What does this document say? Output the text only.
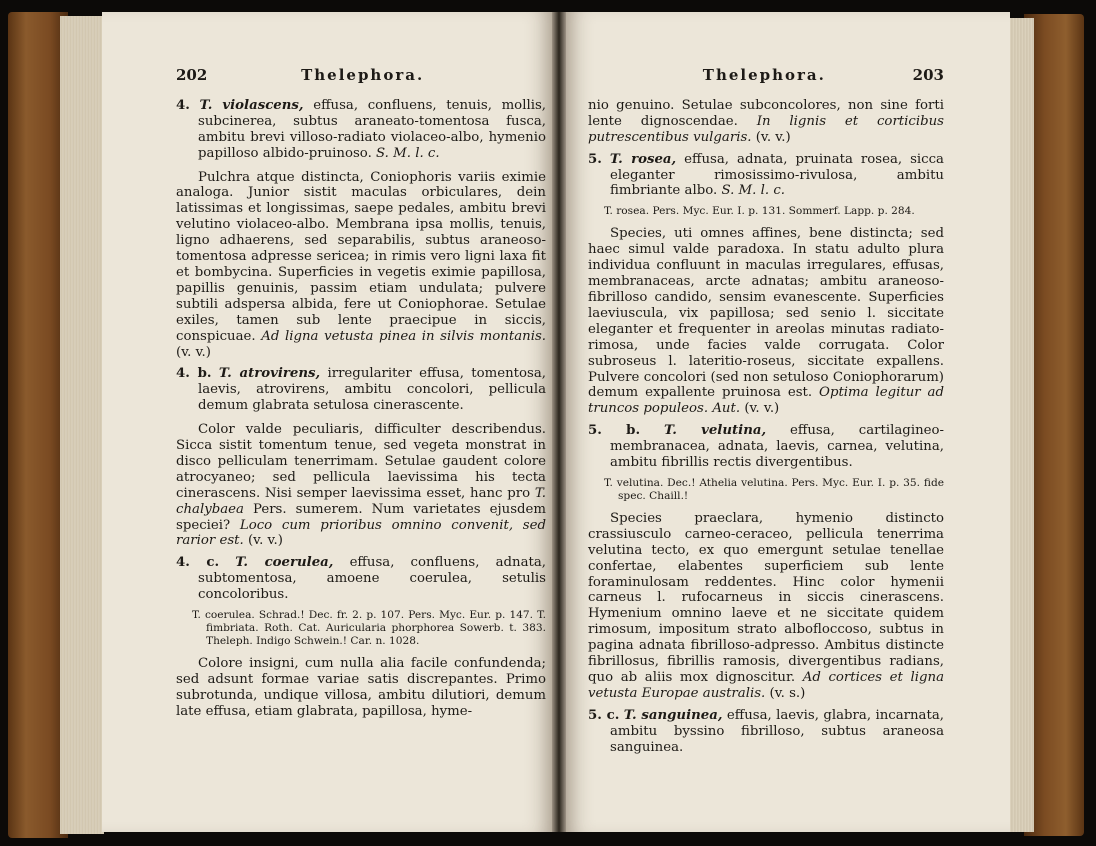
202	Thelephora.

4. T. violascens, effusa, confluens, tenuis, mollis, subcinerea, subtus araneato-tomentosa fusca, ambitu brevi villoso-radiato violaceo-albo, hymenio papilloso albido-pruinoso. S. M. l. c.

Pulchra atque distincta, Coniophoris variis eximie analoga. Junior sistit maculas orbiculares, dein latissimas et longissimas, saepe pedales, ambitu brevi velutino violaceo-albo. Membrana ipsa mollis, tenuis, ligno adhaerens, sed separabilis, subtus araneoso-tomentosa adpresse sericea; in rimis vero ligni laxa fit et bombycina. Superficies in vegetis eximie papillosa, papillis genuinis, passim etiam undulata; pulvere subtili adspersa albida, fere ut Coniophorae. Setulae exiles, tamen sub lente praecipue in siccis, conspicuae. Ad ligna vetusta pinea in silvis montanis. (v. v.)

4. b. T. atrovirens, irregulariter effusa, tomentosa, laevis, atrovirens, ambitu concolori, pellicula demum glabrata setulosa cinerascente.

Color valde peculiaris, difficulter describendus. Sicca sistit tomentum tenue, sed vegeta monstrat in disco pelliculam tenerrimam. Setulae gaudent colore atrocyaneo; sed pellicula laevissima his tecta cinerascens. Nisi semper laevissima esset, hanc pro T. chalybaea Pers. sumerem. Num varietates ejusdem speciei? Loco cum prioribus omnino convenit, sed rarior est. (v. v.)

4. c. T. coerulea, effusa, confluens, adnata, subtomentosa, amoene coerulea, setulis concoloribus.

T. coerulea. Schrad.! Dec. fr. 2. p. 107. Pers. Myc. Eur. p. 147. T. fimbriata. Roth. Cat. Auricularia phorphorea Sowerb. t. 383. Theleph. Indigo Schwein.! Car. n. 1028.

Colore insigni, cum nulla alia facile confundenda; sed adsunt formae variae satis discrepantes. Primo subrotunda, undique villosa, ambitu dilutiori, demum late effusa, etiam glabrata, papillosa, hyme-

Thelephora.	203

nio genuino. Setulae subconcolores, non sine forti lente dignoscendae. In lignis et corticibus putrescentibus vulgaris. (v. v.)

5. T. rosea, effusa, adnata, pruinata rosea, sicca eleganter rimosissimo-rivulosa, ambitu fimbriante albo. S. M. l. c.

T. rosea. Pers. Myc. Eur. I. p. 131. Sommerf. Lapp. p. 284.

Species, uti omnes affines, bene distincta; sed haec simul valde paradoxa. In statu adulto plura individua confluunt in maculas irregulares, effusas, membranaceas, arcte adnatas; ambitu araneoso-fibrilloso candido, sensim evanescente. Superficies laeviuscula, vix papillosa; sed senio l. siccitate eleganter et frequenter in areolas minutas radiato-rimosa, unde facies valde corrugata. Color subroseus l. lateritio-roseus, siccitate expallens. Pulvere concolori (sed non setuloso Coniophorarum) demum expallente pruinosa est. Optima legitur ad truncos populeos. Aut. (v. v.)

5. b. T. velutina, effusa, cartilagineo-membranacea, adnata, laevis, carnea, velutina, ambitu fibrillis rectis divergentibus.

T. velutina. Dec.! Athelia velutina. Pers. Myc. Eur. I. p. 35. fide spec. Chaill.!

Species praeclara, hymenio distincto crassiusculo carneo-ceraceo, pellicula tenerrima velutina tecto, ex quo emergunt setulae tenellae confertae, elabentes superficiem sub lente foraminulosam reddentes. Hinc color hymenii carneus l. rufocarneus in siccis cinerascens. Hymenium omnino laeve et ne siccitate quidem rimosum, impositum strato albofloccoso, subtus in pagina adnata fibrilloso-adpresso. Ambitus distincte fibrillosus, fibrillis ramosis, divergentibus radians, quo ab aliis mox dignoscitur. Ad cortices et ligna vetusta Europae australis. (v. s.)

5. c. T. sanguinea, effusa, laevis, glabra, incarnata, ambitu byssino fibrilloso, subtus araneosa sanguinea.
